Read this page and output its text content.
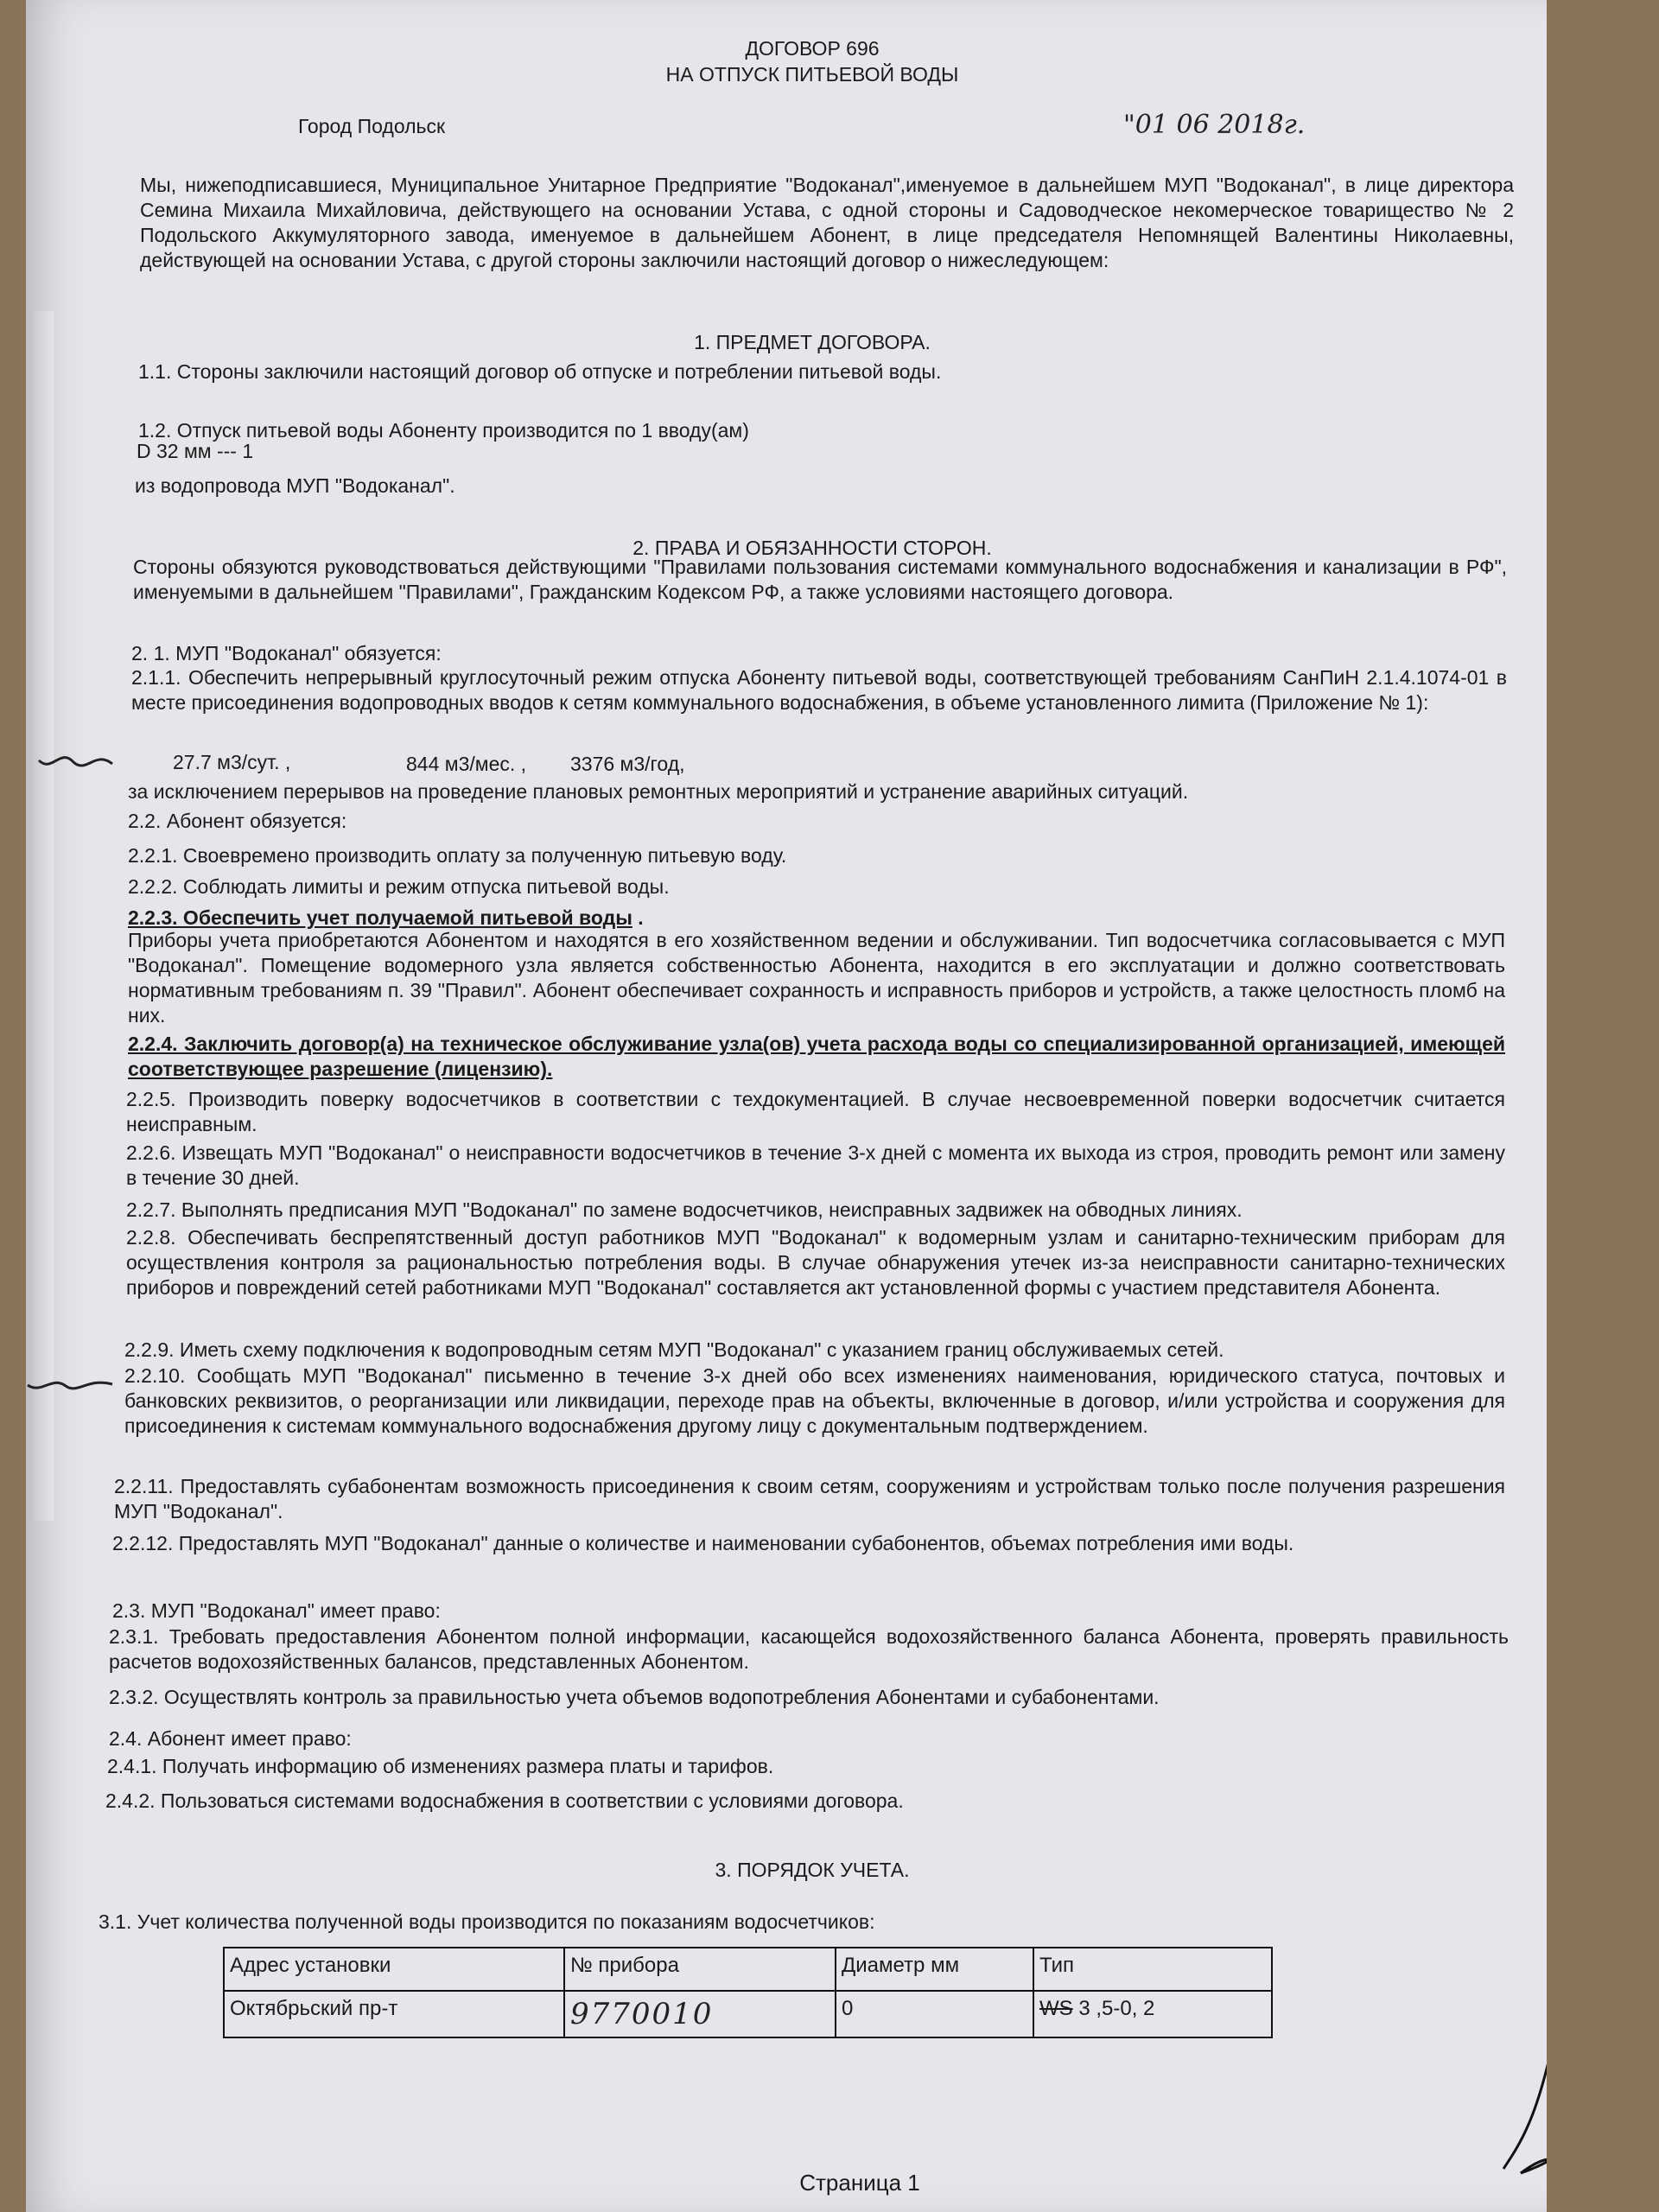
ДОГОВОР 696
НА ОТПУСК ПИТЬЕВОЙ ВОДЫ
Город Подольск	"01 06 2018г.
Мы, нижеподписавшиеся, Муниципальное Унитарное Предприятие "Водоканал",именуемое в дальнейшем МУП "Водоканал", в лице директора Семина Михаила Михайловича, действующего на основании Устава, с одной стороны и Садоводческое некомерческое товарищество № 2 Подольского Аккумуляторного завода, именуемое в дальнейшем Абонент, в лице председателя Непомнящей Валентины Николаевны, действующей на основании Устава, с другой стороны заключили настоящий договор о нижеследующем:
1. ПРЕДМЕТ ДОГОВОРА.
1.1. Стороны заключили настоящий договор об отпуске и потреблении питьевой воды.
1.2. Отпуск питьевой воды Абоненту производится по 1 вводу(ам)
D 32 мм --- 1
из водопровода МУП "Водоканал".
2. ПРАВА И ОБЯЗАННОСТИ СТОРОН.
Стороны обязуются руководствоваться действующими "Правилами пользования системами коммунального водоснабжения и канализации в РФ", именуемыми в дальнейшем "Правилами", Гражданским Кодексом РФ, а также условиями настоящего договора.
2. 1. МУП "Водоканал" обязуется:
2.1.1. Обеспечить непрерывный круглосуточный режим отпуска Абоненту питьевой воды, соответствующей требованиям СанПиН 2.1.4.1074-01 в месте присоединения водопроводных вводов к сетям коммунального водоснабжения, в объеме установленного лимита (Приложение № 1):
27.7 м3/сут. ,	844 м3/мес. , 3376 м3/год,
за исключением перерывов на проведение плановых ремонтных мероприятий и устранение аварийных ситуаций.
2.2. Абонент обязуется:
2.2.1. Своевремено производить оплату за полученную питьевую воду.
2.2.2. Соблюдать лимиты и режим отпуска питьевой воды.
2.2.3. Обеспечить учет получаемой питьевой воды .
Приборы учета приобретаются Абонентом и находятся в его хозяйственном ведении и обслуживании. Тип водосчетчика согласовывается с МУП "Водоканал". Помещение водомерного узла является собственностью Абонента, находится в его эксплуатации и должно соответствовать нормативным требованиям п. 39 "Правил". Абонент обеспечивает сохранность и исправность приборов и устройств, а также целостность пломб на них.
2.2.4. Заключить договор(а) на техническое обслуживание узла(ов) учета расхода воды со специализированной организацией, имеющей соответствующее разрешение (лицензию).
2.2.5. Производить поверку водосчетчиков в соответствии с техдокументацией. В случае несвоевременной поверки водосчетчик считается неисправным.
2.2.6. Извещать МУП "Водоканал" о неисправности водосчетчиков в течение 3-х дней с момента их выхода из строя, проводить ремонт или замену в течение 30 дней.
2.2.7. Выполнять предписания МУП "Водоканал" по замене водосчетчиков, неисправных задвижек на обводных линиях.
2.2.8. Обеспечивать беспрепятственный доступ работников МУП "Водоканал" к водомерным узлам и санитарно-техническим приборам для осуществления контроля за рациональностью потребления воды. В случае обнаружения утечек из-за неисправности санитарно-технических приборов и повреждений сетей работниками МУП "Водоканал" составляется акт установленной формы с участием представителя Абонента.
2.2.9. Иметь схему подключения к водопроводным сетям МУП "Водоканал" с указанием границ обслуживаемых сетей.
2.2.10. Сообщать МУП "Водоканал" письменно в течение 3-х дней обо всех изменениях наименования, юридического статуса, почтовых и банковских реквизитов, о реорганизации или ликвидации, переходе прав на объекты, включенные в договор, и/или устройства и сооружения для присоединения к системам коммунального водоснабжения другому лицу с документальным подтверждением.
2.2.11. Предоставлять субабонентам возможность присоединения к своим сетям, сооружениям и устройствам только после получения разрешения МУП "Водоканал".
2.2.12. Предоставлять МУП "Водоканал" данные о количестве и наименовании субабонентов, объемах потребления ими воды.
2.3. МУП "Водоканал" имеет право:
2.3.1. Требовать предоставления Абонентом полной информации, касающейся водохозяйственного баланса Абонента, проверять правильность расчетов водохозяйственных балансов, представленных Абонентом.
2.3.2. Осуществлять контроль за правильностью учета объемов водопотребления Абонентами и субабонентами.
2.4. Абонент имеет право:
2.4.1. Получать информацию об изменениях размера платы и тарифов.
2.4.2. Пользоваться системами водоснабжения в соответствии с условиями договора.
3. ПОРЯДОК УЧЕТА.
3.1. Учет количества полученной воды производится по показаниям водосчетчиков:
Адрес установки	№ прибора	Диаметр мм	Тип
Октябрьский пр-т	9770010	0	WS 3 ,5-0, 2
Страница 1
